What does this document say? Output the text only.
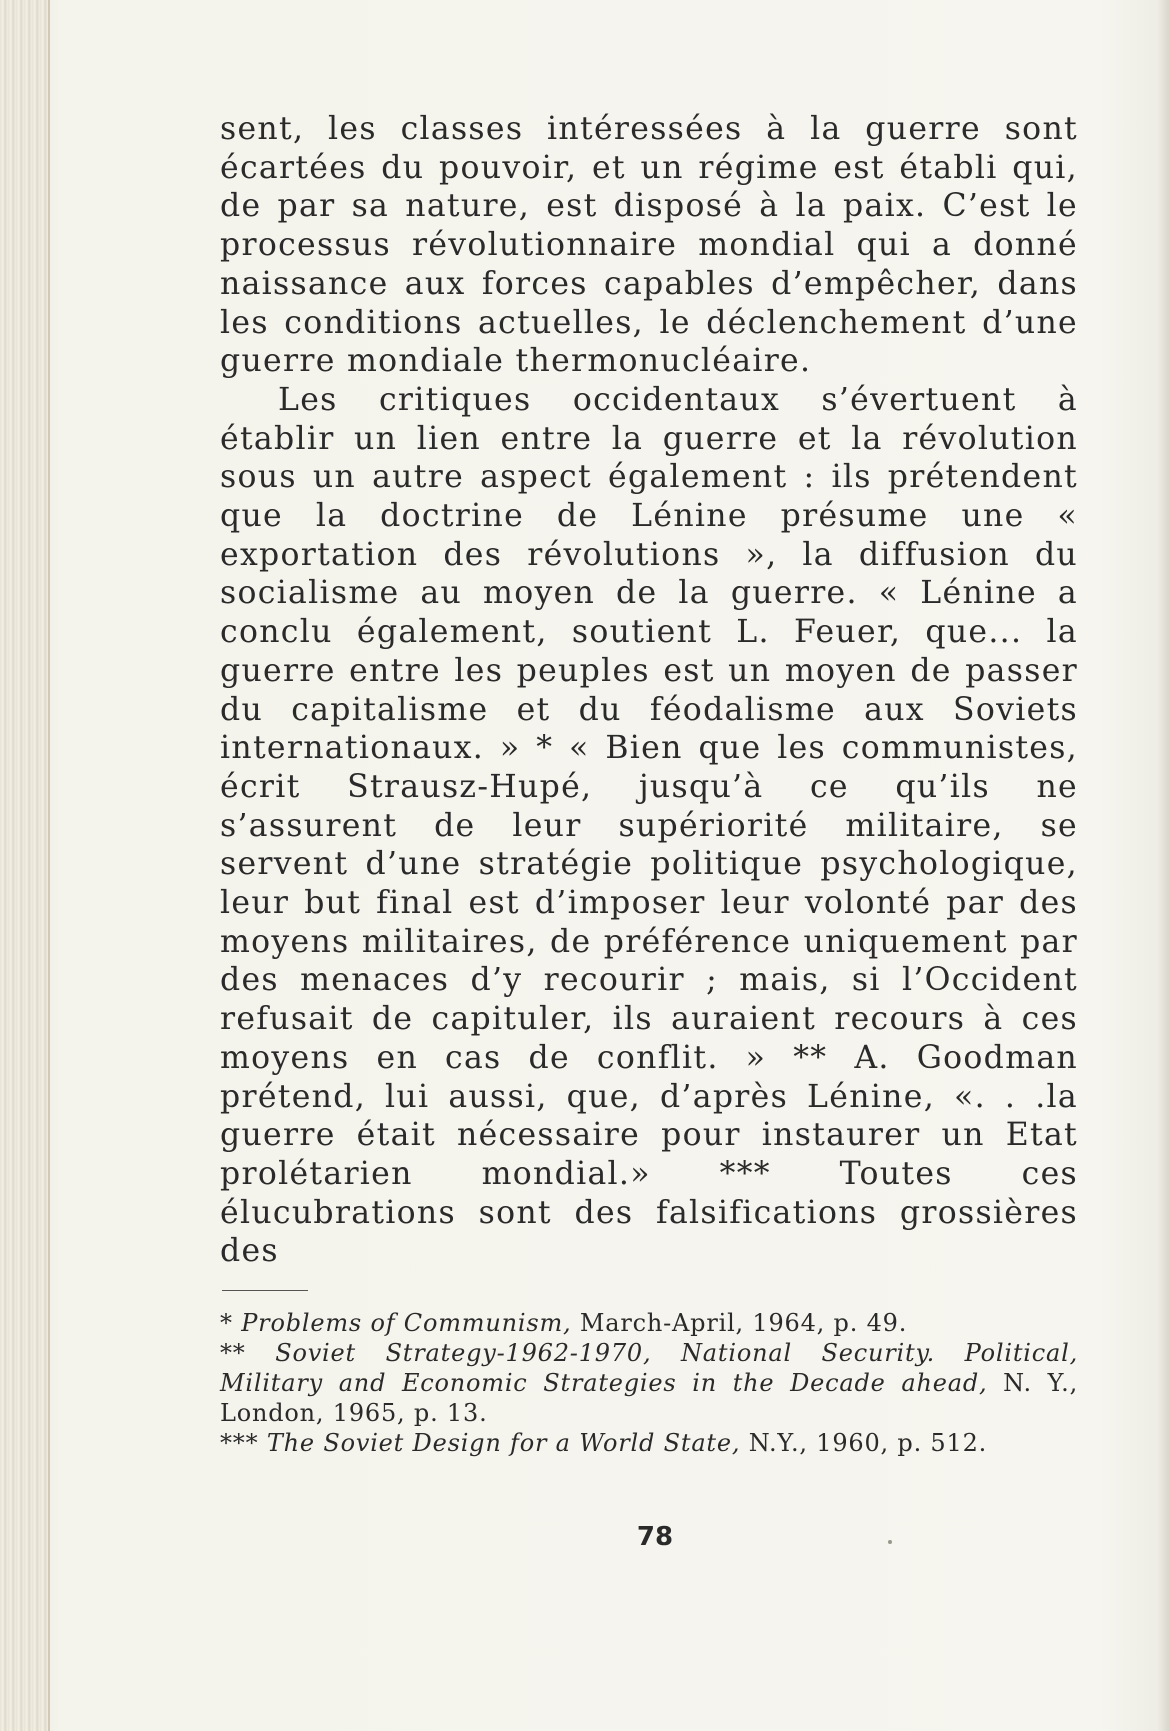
sent, les classes intéressées à la guerre sont écartées du pouvoir, et un régime est établi qui, de par sa nature, est disposé à la paix. C’est le processus révolutionnaire mondial qui a donné naissance aux forces capables d’empêcher, dans les conditions actuelles, le déclenchement d’une guerre mondiale thermonucléaire.

Les critiques occidentaux s’évertuent à établir un lien entre la guerre et la révolution sous un autre aspect également : ils prétendent que la doctrine de Lénine présume une « exportation des révolutions », la diffusion du socialisme au moyen de la guerre. « Lénine a conclu également, soutient L. Feuer, que... la guerre entre les peuples est un moyen de passer du capitalisme et du féodalisme aux Soviets internationaux. » * « Bien que les communistes, écrit Strausz-Hupé, jusqu’à ce qu’ils ne s’assurent de leur supériorité militaire, se servent d’une stratégie politique psychologique, leur but final est d’imposer leur volonté par des moyens militaires, de préférence uniquement par des menaces d’y recourir ; mais, si l’Occident refusait de capituler, ils auraient recours à ces moyens en cas de conflit. » ** A. Goodman prétend, lui aussi, que, d’après Lénine, «. . .la guerre était nécessaire pour instaurer un Etat prolétarien mondial.» *** Toutes ces élucubrations sont des falsifications grossières des

* Problems of Communism, March-April, 1964, p. 49.

** Soviet Strategy-1962-1970, National Security. Political, Military and Economic Strategies in the Decade ahead, N. Y., London, 1965, p. 13.

*** The Soviet Design for a World State, N.Y., 1960, p. 512.

78
